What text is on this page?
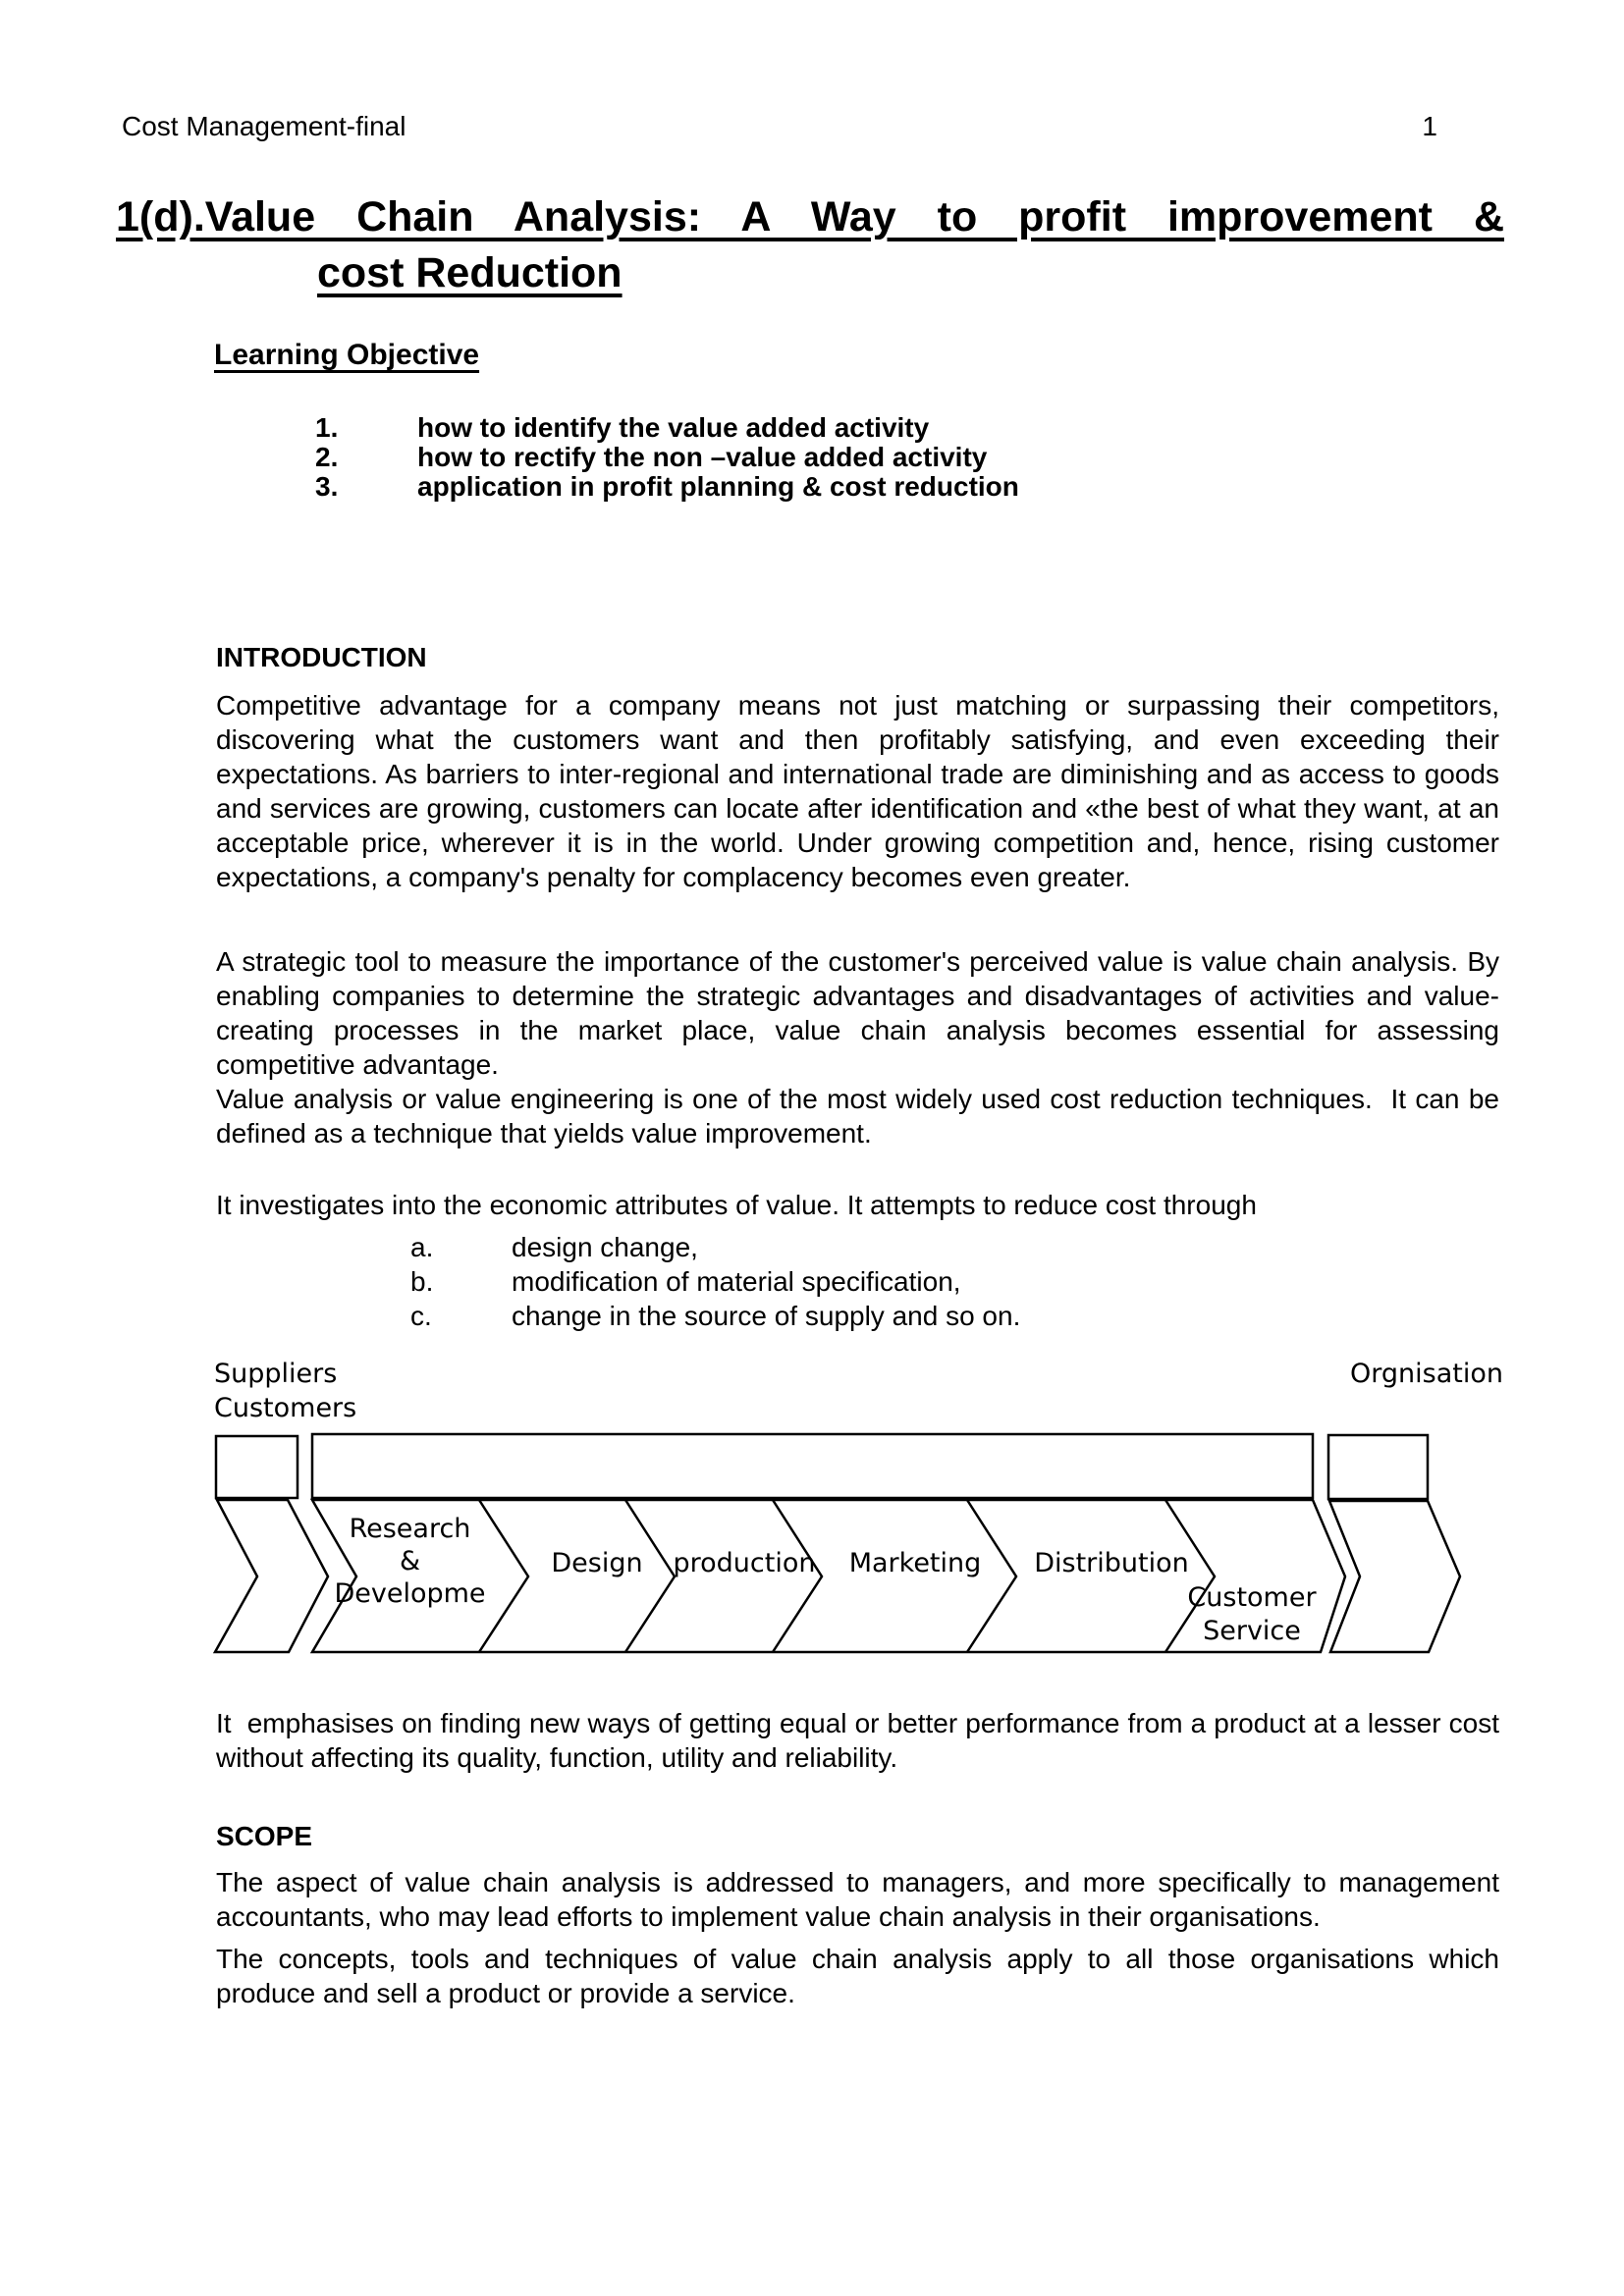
Cost Management-final	1
1(d).Value Chain Analysis: A Way to profit improvement &
cost Reduction
Learning Objective
1.	how to identify the value added activity
2.	how to rectify the non –value added activity
3.	application in profit planning & cost reduction
INTRODUCTION
Competitive advantage for a company means not just matching or surpassing their competitors, discovering what the customers want and then profitably satisfying, and even exceeding their expectations. As barriers to inter-regional and international trade are diminishing and as access to goods and services are growing, customers can locate after identification and «the best of what they want, at an acceptable price, wherever it is in the world. Under growing competition and, hence, rising customer expectations, a company's penalty for complacency becomes even greater.
A strategic tool to measure the importance of the customer's perceived value is value chain analysis. By enabling companies to determine the strategic advantages and disadvantages of activities and value-creating processes in the market place, value chain analysis becomes essential for assessing competitive advantage.
Value analysis or value engineering is one of the most widely used cost reduction techniques.  It can be defined as a technique that yields value improvement.
It investigates into the economic attributes of value. It attempts to reduce cost through
a.	design change,
b.	modification of material specification,
c.	change in the source of supply and so on.
Suppliers
Customers
Orgnisation
Research
&
Developme
Design	production	Marketing	Distribution
Customer
Service
It  emphasises on finding new ways of getting equal or better performance from a product at a lesser cost without affecting its quality, function, utility and reliability.
SCOPE
The aspect of value chain analysis is addressed to managers, and more specifically to management  accountants, who may lead efforts to implement value chain analysis in their organisations.
The concepts, tools and techniques of value chain analysis apply to all those organisations which produce and sell a product or provide a service.
